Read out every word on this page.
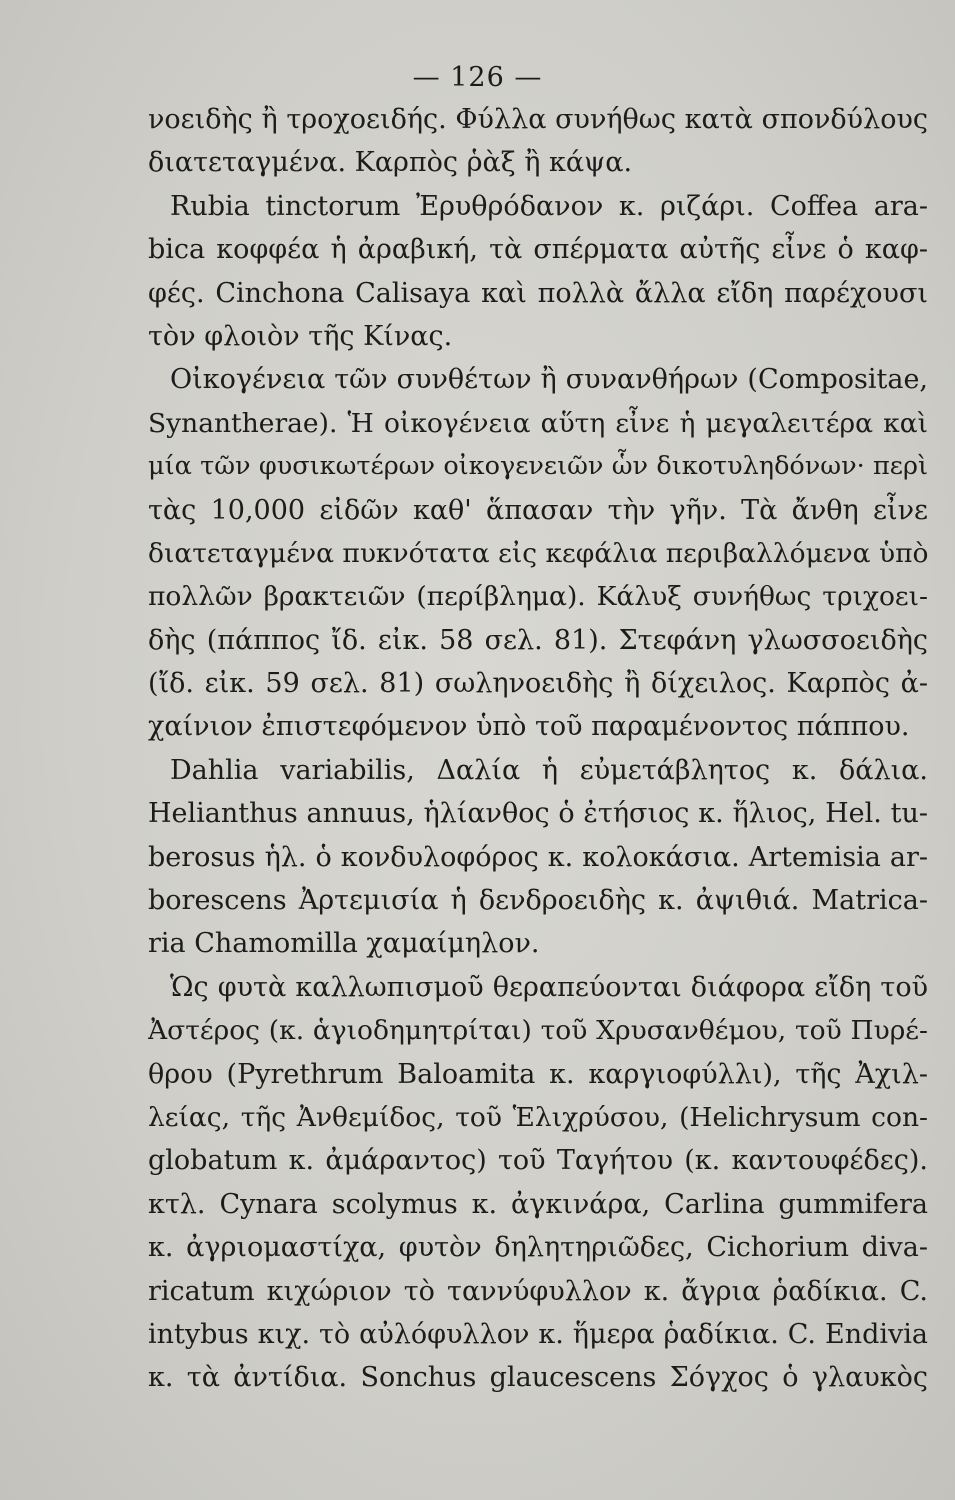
— 126 —
νοειδὴς ἢ τροχοειδής. Φύλλα συνήθως κατὰ σπονδύλους
διατεταγμένα. Καρπὸς ῥὰξ ἢ κάψα.
Rubia tinctorum Ἐρυθρόδανον κ. ριζάρι. Coffea ara-
bica κοφφέα ἡ ἀραβική, τὰ σπέρματα αὐτῆς εἶνε ὁ καφ-
φές. Cinchona Calisaya καὶ πολλὰ ἄλλα εἴδη παρέχουσι
τὸν φλοιὸν τῆς Κίνας.
Οἰκογένεια τῶν συνθέτων ἢ συνανθήρων (Compositae,
Synantherae). Ἡ οἰκογένεια αὕτη εἶνε ἡ μεγαλειτέρα καὶ
μία τῶν φυσικωτέρων οἰκογενειῶν ὧν δικοτυληδόνων· περὶ
τὰς 10,000 εἰδῶν καθ' ἅπασαν τὴν γῆν. Τὰ ἄνθη εἶνε
διατεταγμένα πυκνότατα εἰς κεφάλια περιβαλλόμενα ὑπὸ
πολλῶν βρακτειῶν (περίβλημα). Κάλυξ συνήθως τριχοει-
δὴς (πάππος ἴδ. εἰκ. 58 σελ. 81). Στεφάνη γλωσσοειδὴς
(ἴδ. εἰκ. 59 σελ. 81) σωληνοειδὴς ἢ δίχειλος. Καρπὸς ἀ-
χαίνιον ἐπιστεφόμενον ὑπὸ τοῦ παραμένοντος πάππου.
Dahlia variabilis, Δαλία ἡ εὐμετάβλητος κ. δάλια.
Helianthus annuus, ἡλίανθος ὁ ἐτήσιος κ. ἥλιος, Hel. tu-
berosus ἡλ. ὁ κονδυλοφόρος κ. κολοκάσια. Artemisia ar-
borescens Ἀρτεμισία ἡ δενδροειδὴς κ. ἀψιθιά. Matrica-
ria Chamomilla χαμαίμηλον.
Ὡς φυτὰ καλλωπισμοῦ θεραπεύονται διάφορα εἴδη τοῦ
Ἀστέρος (κ. ἁγιοδημητρίται) τοῦ Χρυσανθέμου, τοῦ Πυρέ-
θρου (Pyrethrum Baloamita κ. καργιοφύλλι), τῆς Ἀχιλ-
λείας, τῆς Ἀνθεμίδος, τοῦ Ἑλιχρύσου, (Helichrysum con-
globatum κ. ἀμάραντος) τοῦ Ταγήτου (κ. καντουφέδες).
κτλ. Cynara scolymus κ. ἀγκινάρα, Carlina gummifera
κ. ἀγριομαστίχα, φυτὸν δηλητηριῶδες, Cichorium diva-
ricatum κιχώριον τὸ ταννύφυλλον κ. ἄγρια ῥαδίκια. C.
intybus κιχ. τὸ αὐλόφυλλον κ. ἥμερα ῥαδίκια. C. Endivia
κ. τὰ ἀντίδια. Sonchus glaucescens Σόγχος ὁ γλαυκὸς
